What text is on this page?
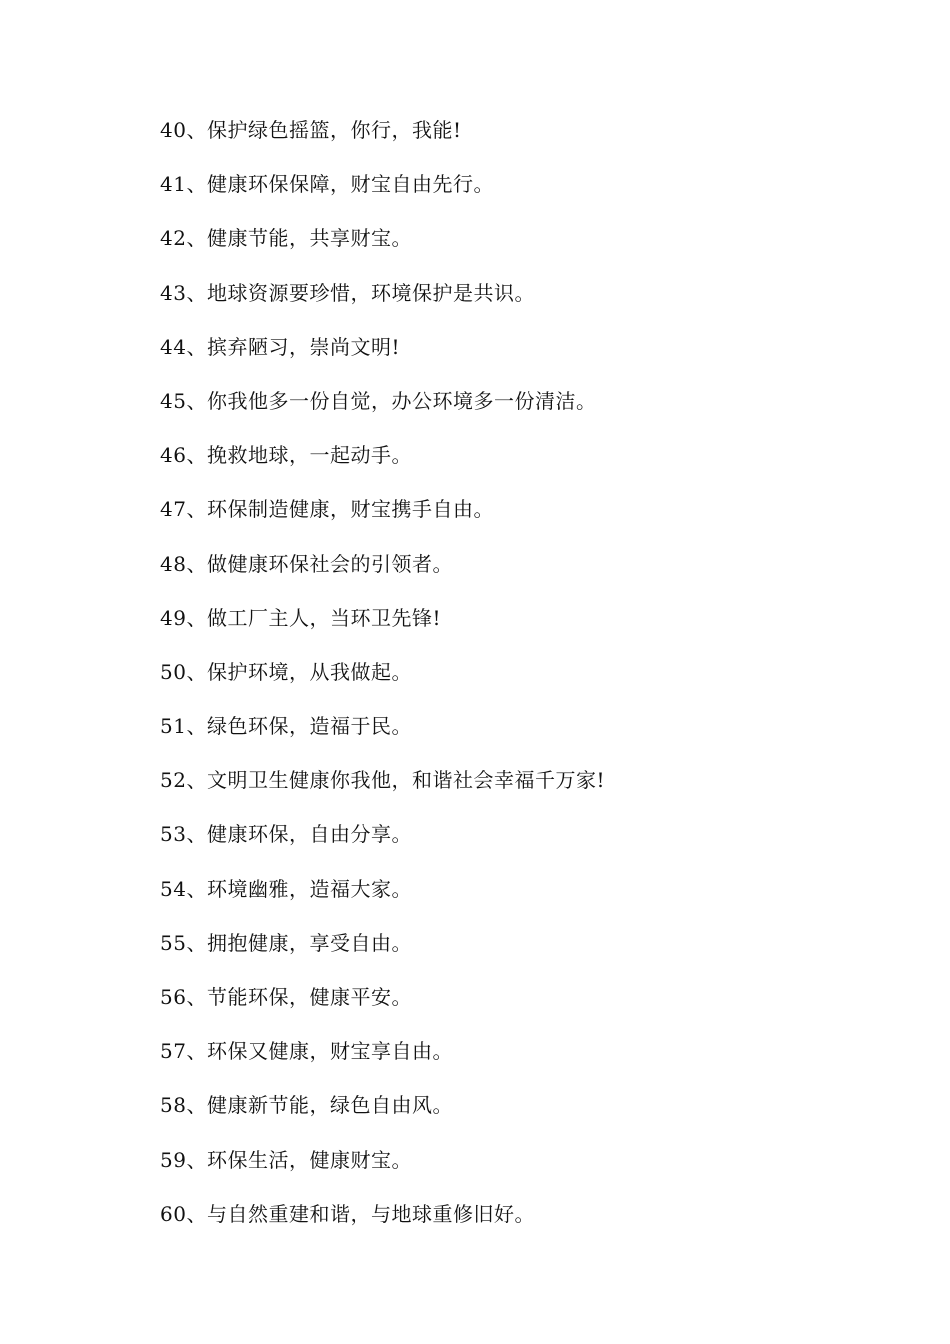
40、保护绿色摇篮，你行，我能!
41、健康环保保障，财宝自由先行。
42、健康节能，共享财宝。
43、地球资源要珍惜，环境保护是共识。
44、摈弃陋习，崇尚文明!
45、你我他多一份自觉，办公环境多一份清洁。
46、挽救地球，一起动手。
47、环保制造健康，财宝携手自由。
48、做健康环保社会的引领者。
49、做工厂主人，当环卫先锋!
50、保护环境，从我做起。
51、绿色环保，造福于民。
52、文明卫生健康你我他，和谐社会幸福千万家!
53、健康环保，自由分享。
54、环境幽雅，造福大家。
55、拥抱健康，享受自由。
56、节能环保，健康平安。
57、环保又健康，财宝享自由。
58、健康新节能，绿色自由风。
59、环保生活，健康财宝。
60、与自然重建和谐，与地球重修旧好。
